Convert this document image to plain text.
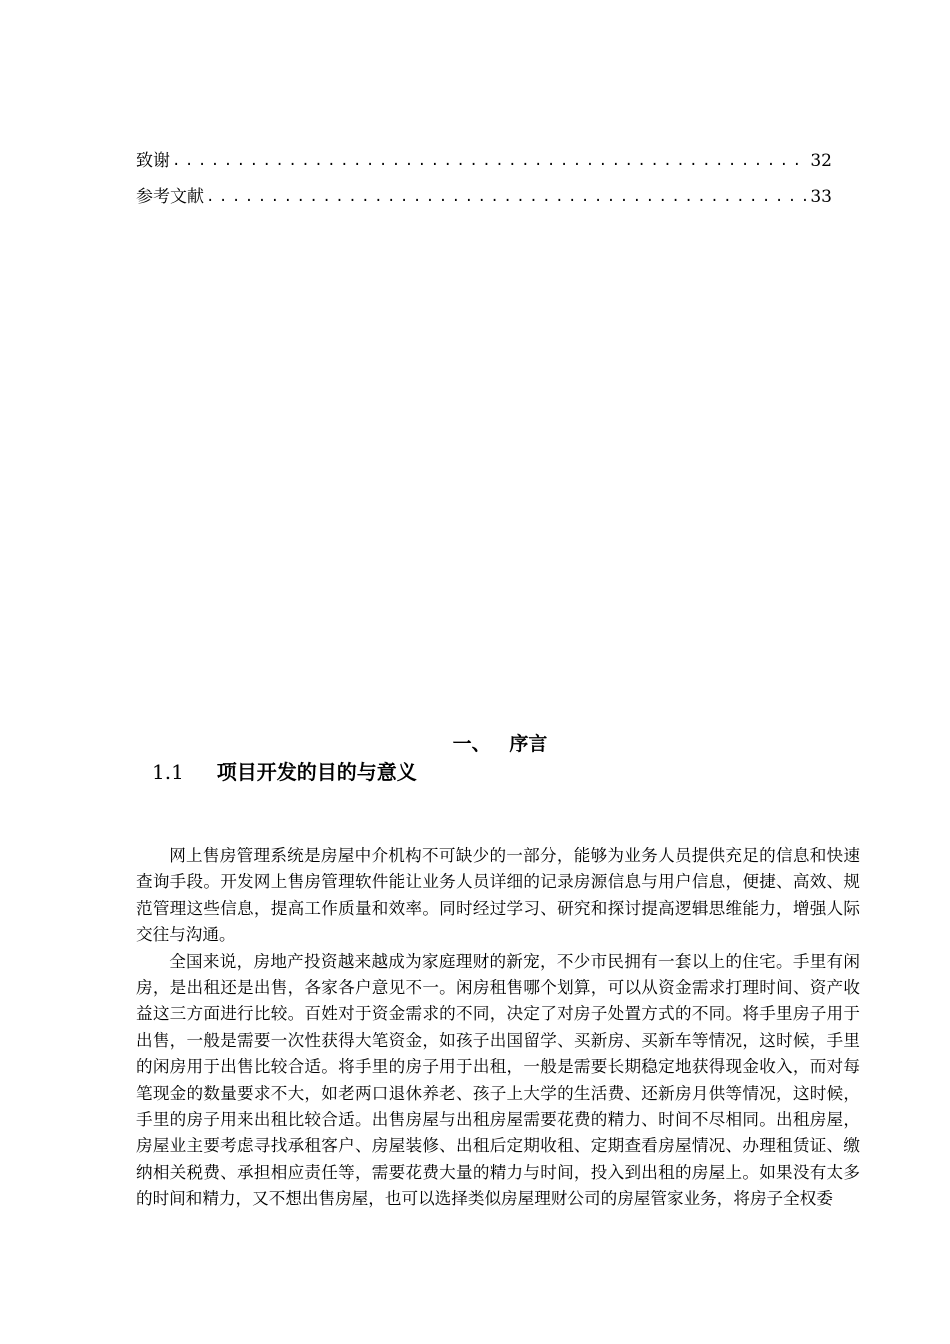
致谢 .....	32
参考文献 .....	33
一、 序言
1.1 项目开发的目的与意义

网上售房管理系统是房屋中介机构不可缺少的一部分，能够为业务人员提供充足的信息和快速查询手段。开发网上售房管理软件能让业务人员详细的记录房源信息与用户信息，便捷、高效、规范管理这些信息，提高工作质量和效率。同时经过学习、研究和探讨提高逻辑思维能力，增强人际交往与沟通。

全国来说，房地产投资越来越成为家庭理财的新宠，不少市民拥有一套以上的住宅。手里有闲房，是出租还是出售，各家各户意见不一。闲房租售哪个划算，可以从资金需求打理时间、资产收益这三方面进行比较。百姓对于资金需求的不同，决定了对房子处置方式的不同。将手里房子用于出售，一般是需要一次性获得大笔资金，如孩子出国留学、买新房、买新车等情况，这时候，手里的闲房用于出售比较合适。将手里的房子用于出租，一般是需要长期稳定地获得现金收入，而对每笔现金的数量要求不大，如老两口退休养老、孩子上大学的生活费、还新房月供等情况，这时候，手里的房子用来出租比较合适。出售房屋与出租房屋需要花费的精力、时间不尽相同。出租房屋，房屋业主要考虑寻找承租客户、房屋装修、出租后定期收租、定期查看房屋情况、办理租赁证、缴纳相关税费、承担相应责任等，需要花费大量的精力与时间，投入到出租的房屋上。如果没有太多的时间和精力，又不想出售房屋，也可以选择类似房屋理财公司的房屋管家业务，将房子全权委
